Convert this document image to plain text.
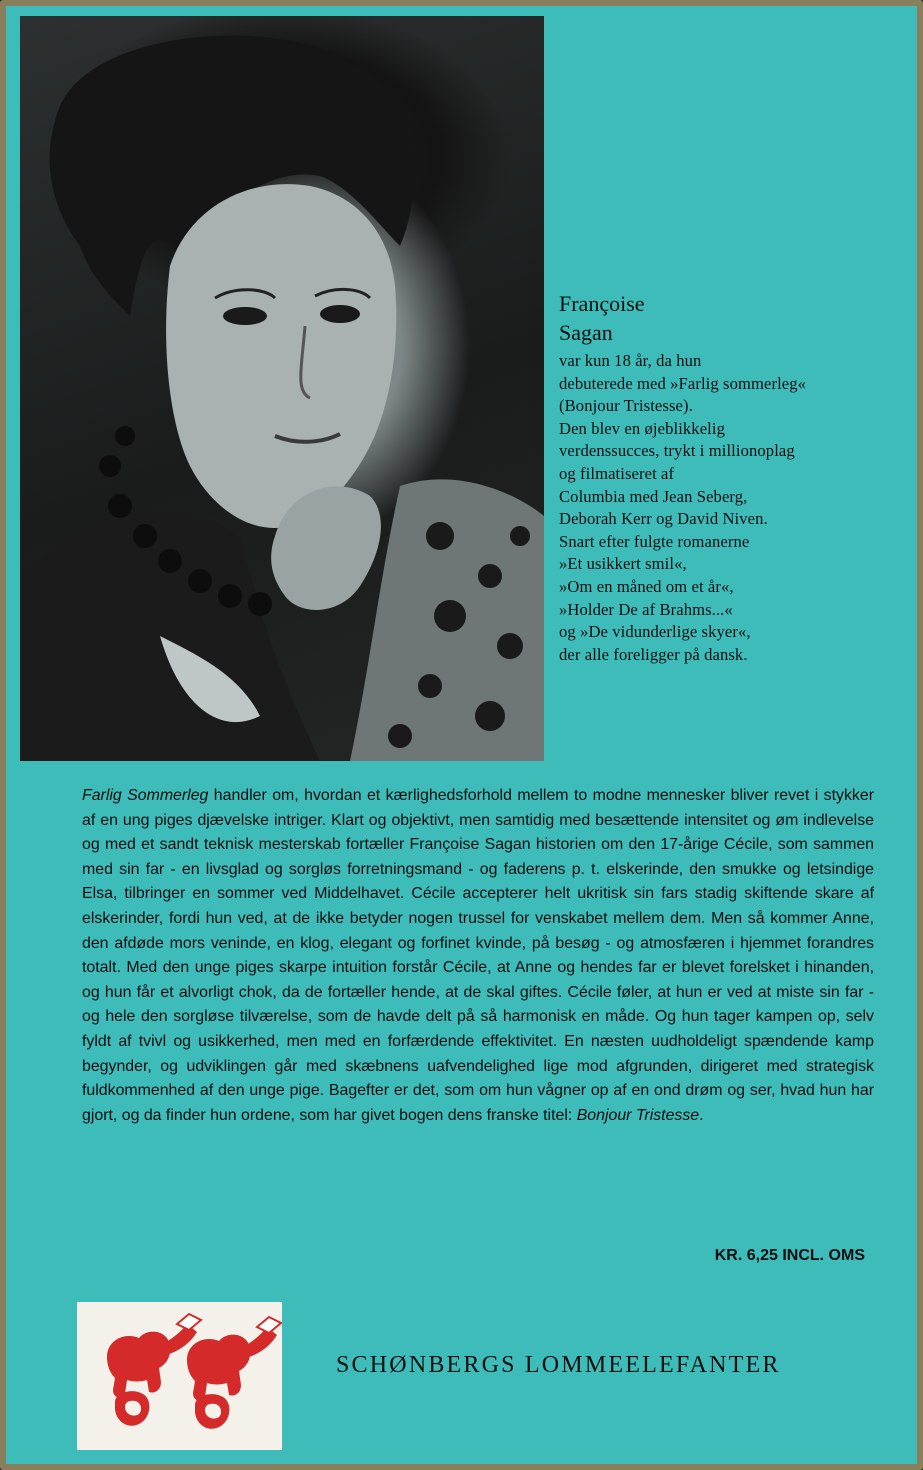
Françoise
Sagan

var kun 18 år, da hun
debuterede med »Farlig sommerleg«
(Bonjour Tristesse).
Den blev en øjeblikkelig
verdenssucces, trykt i millionoplag
og filmatiseret af
Columbia med Jean Seberg,
Deborah Kerr og David Niven.
Snart efter fulgte romanerne
»Et usikkert smil«,
»Om en måned om et år«,
»Holder De af Brahms...«
og »De vidunderlige skyer«,
der alle foreligger på dansk.

Farlig Sommerleg handler om, hvordan et kærlighedsforhold mellem to modne mennesker bliver revet i stykker af en ung piges djævelske intriger. Klart og objektivt, men samtidig med besættende intensitet og øm indlevelse og med et sandt teknisk mesterskab fortæller Françoise Sagan historien om den 17-årige Cécile, som sammen med sin far - en livsglad og sorgløs forretningsmand - og faderens p. t. elskerinde, den smukke og letsindige Elsa, tilbringer en sommer ved Middelhavet. Cécile accepterer helt ukritisk sin fars stadig skiftende skare af elskerinder, fordi hun ved, at de ikke betyder nogen trussel for venskabet mellem dem. Men så kommer Anne, den afdøde mors veninde, en klog, elegant og forfinet kvinde, på besøg - og atmosfæren i hjemmet forandres totalt. Med den unge piges skarpe intuition forstår Cécile, at Anne og hendes far er blevet forelsket i hinanden, og hun får et alvorligt chok, da de fortæller hende, at de skal giftes. Cécile føler, at hun er ved at miste sin far - og hele den sorgløse tilværelse, som de havde delt på så harmonisk en måde. Og hun tager kampen op, selv fyldt af tvivl og usikkerhed, men med en forfærdende effektivitet. En næsten uudholdeligt spændende kamp begynder, og udviklingen går med skæbnens uafvendelighed lige mod afgrunden, dirigeret med strategisk fuldkommenhed af den unge pige. Bagefter er det, som om hun vågner op af en ond drøm og ser, hvad hun har gjort, og da finder hun ordene, som har givet bogen dens franske titel: Bonjour Tristesse.

KR. 6,25 INCL. OMS
SCHØNBERGS LOMMEELEFANTER
